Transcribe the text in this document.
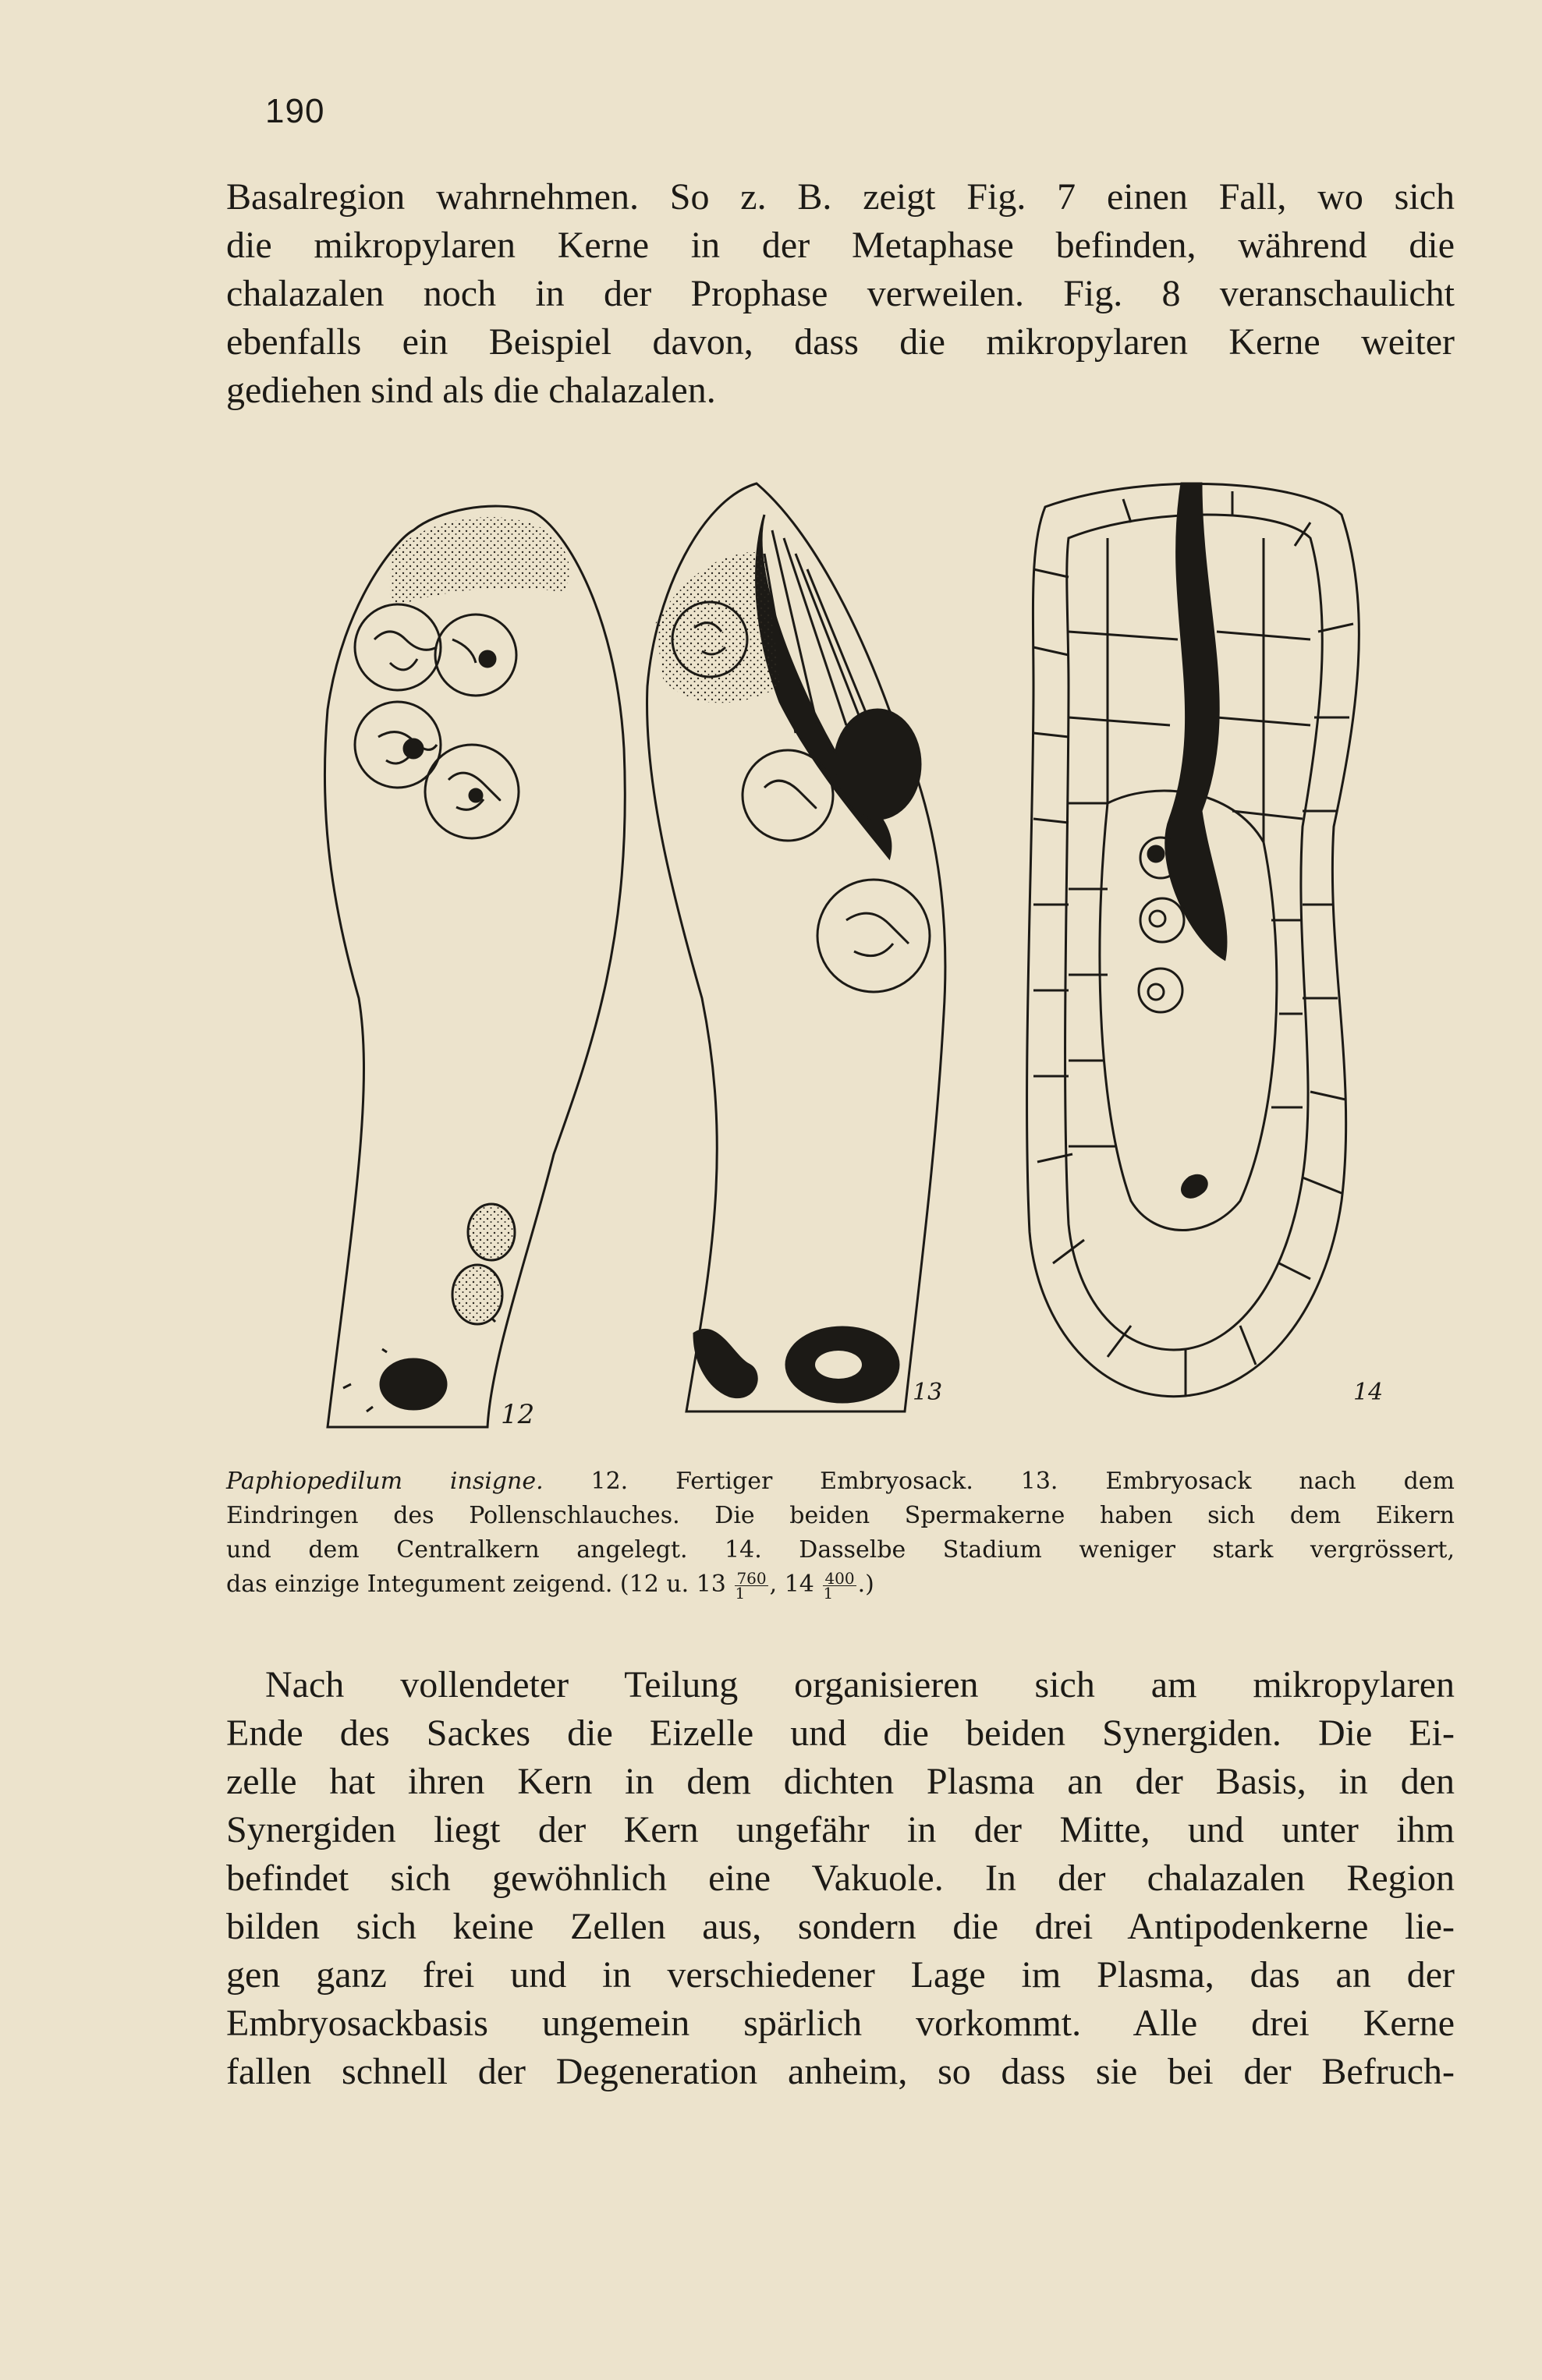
190
Basalregion wahrnehmen. So z. B. zeigt Fig. 7 einen Fall, wo sich
die mikropylaren Kerne in der Metaphase befinden, während die
chalazalen noch in der Prophase verweilen. Fig. 8 veranschaulicht
ebenfalls ein Beispiel davon, dass die mikropylaren Kerne weiter
gediehen sind als die chalazalen.
12
13	14
Paphiopedilum insigne. 12. Fertiger Embryosack. 13. Embryosack nach dem
Eindringen des Pollenschlauches. Die beiden Spermakerne haben sich dem Eikern
und dem Centralkern angelegt. 14. Dasselbe Stadium weniger stark vergrössert,
das einzige Integument zeigend. (12 u. $13 \frac{760}{1}$ , $14 \frac{400}{1}$ .)
Nach vollendeter Teilung organisieren sich am mikropylaren
Ende des Sackes die Eizelle und die beiden Synergiden. Die Ei-
zelle hat ihren Kern in dem dichten Plasma an der Basis, in den
Synergiden liegt der Kern ungefähr in der Mitte, und unter ihm
befindet sich gewöhnlich eine Vakuole. In der chalazalen Region
bilden sich keine Zellen aus, sondern die drei Antipodenkerne lie-
gen ganz frei und in verschiedener Lage im Plasma, das an der
Embryosackbasis ungemein spärlich vorkommt. Alle drei Kerne
fallen schnell der Degeneration anheim, so dass sie bei der Befruch-
